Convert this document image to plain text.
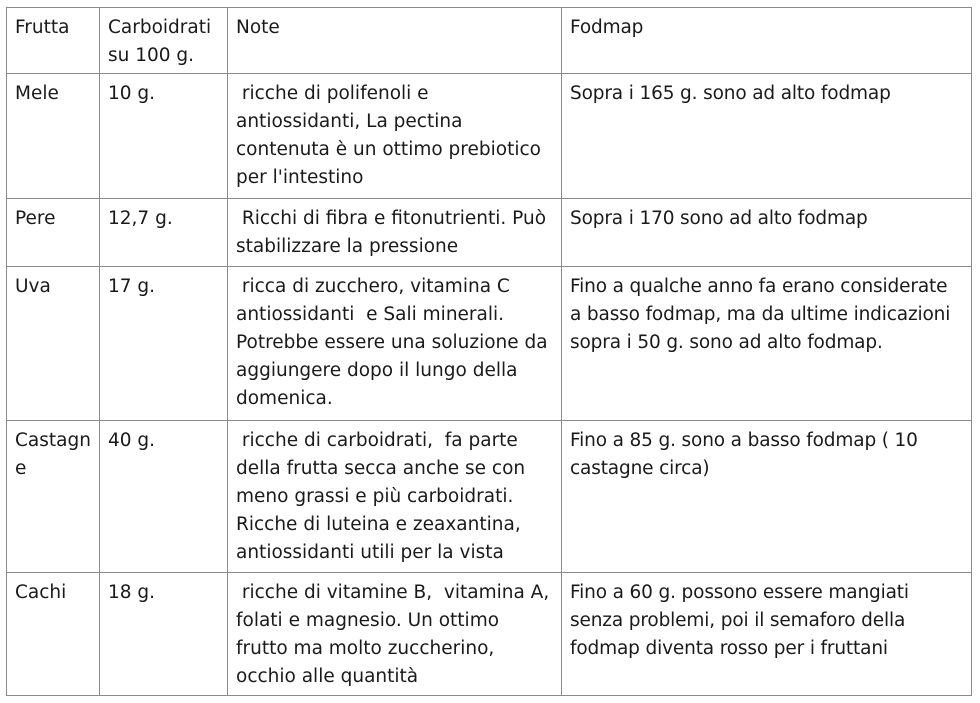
Frutta	Carboidrati su 100 g.	Note	Fodmap
Mele	10 g.	ricche di polifenoli e antiossidanti, La pectina contenuta è un ottimo prebiotico per l'intestino	Sopra i 165 g. sono ad alto fodmap
Pere	12,7 g.	Ricchi di fibra e fitonutrienti. Può stabilizzare la pressione	Sopra i 170 sono ad alto fodmap
Uva	17 g.	ricca di zucchero, vitamina C antiossidanti  e Sali minerali. Potrebbe essere una soluzione da aggiungere dopo il lungo della domenica.	Fino a qualche anno fa erano considerate a basso fodmap, ma da ultime indicazioni sopra i 50 g. sono ad alto fodmap.
Castagne	40 g.	ricche di carboidrati,  fa parte della frutta secca anche se con meno grassi e più carboidrati. Ricche di luteina e zeaxantina, antiossidanti utili per la vista	Fino a 85 g. sono a basso fodmap ( 10 castagne circa)
Cachi	18 g.	ricche di vitamine B,  vitamina A, folati e magnesio. Un ottimo frutto ma molto zuccherino, occhio alle quantità	Fino a 60 g. possono essere mangiati senza problemi, poi il semaforo della fodmap diventa rosso per i fruttani
